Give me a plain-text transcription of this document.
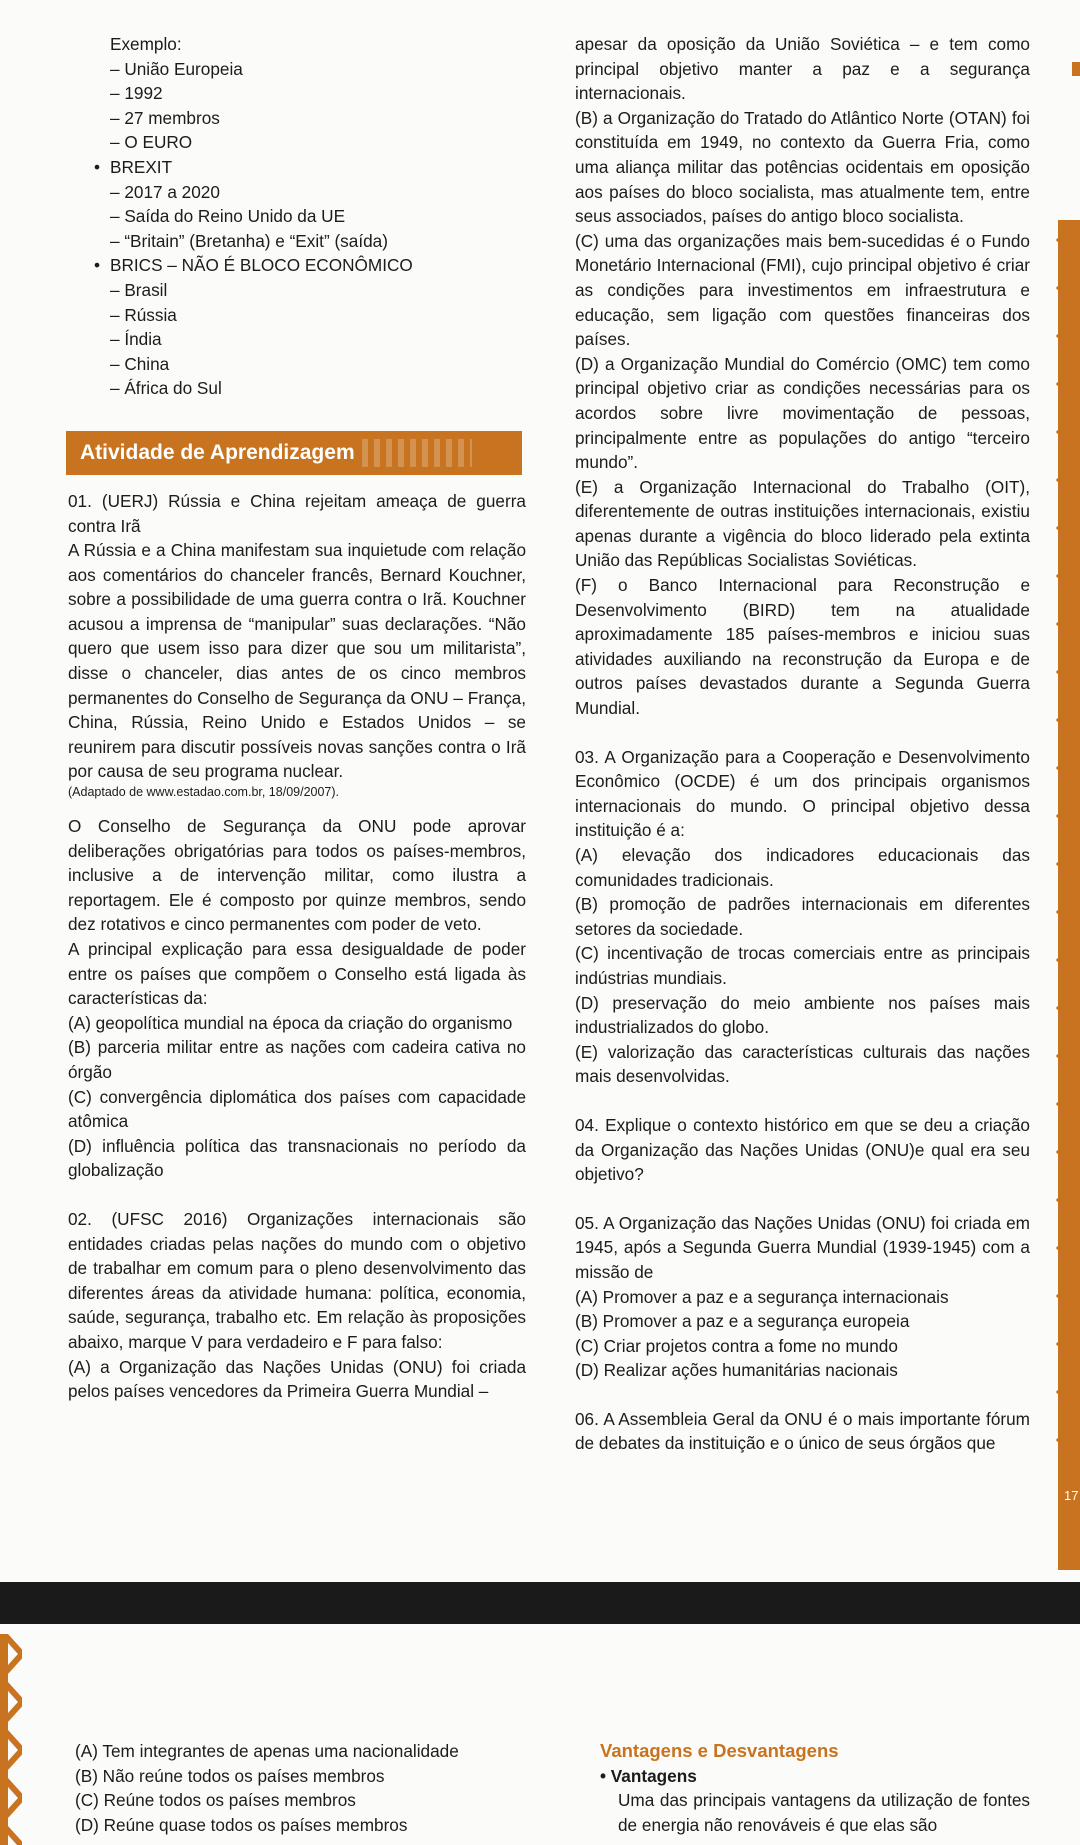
Exemplo:
– União Europeia
– 1992
– 27 membros
– O EURO
• BREXIT
– 2017 a 2020
– Saída do Reino Unido da UE
– “Britain” (Bretanha) e “Exit” (saída)
• BRICS – NÃO É BLOCO ECONÔMICO
– Brasil
– Rússia
– Índia
– China
– África do Sul
Atividade de Aprendizagem

01. (UERJ) Rússia e China rejeitam ameaça de guerra contra Irã

A Rússia e a China manifestam sua inquietude com relação aos comentários do chanceler francês, Bernard Kouchner, sobre a possibilidade de uma guerra contra o Irã. Kouchner acusou a imprensa de “manipular” suas declarações. “Não quero que usem isso para dizer que sou um militarista”, disse o chanceler, dias antes de os cinco membros permanentes do Conselho de Segurança da ONU – França, China, Rússia, Reino Unido e Estados Unidos – se reunirem para discutir possíveis novas sanções contra o Irã por causa de seu programa nuclear.

(Adaptado de www.estadao.com.br, 18/09/2007).

O Conselho de Segurança da ONU pode aprovar deliberações obrigatórias para todos os países-membros, inclusive a de intervenção militar, como ilustra a reportagem. Ele é composto por quinze membros, sendo dez rotativos e cinco permanentes com poder de veto.

A principal explicação para essa desigualdade de poder entre os países que compõem o Conselho está ligada às características da:

(A) geopolítica mundial na época da criação do organismo

(B) parceria militar entre as nações com cadeira cativa no órgão

(C) convergência diplomática dos países com capacidade atômica

(D) influência política das transnacionais no período da globalização

02. (UFSC 2016) Organizações internacionais são entidades criadas pelas nações do mundo com o objetivo de trabalhar em comum para o pleno desenvolvimento das diferentes áreas da atividade humana: política, economia, saúde, segurança, trabalho etc. Em relação às proposições abaixo, marque V para verdadeiro e F para falso:

(A) a Organização das Nações Unidas (ONU) foi criada pelos países vencedores da Primeira Guerra Mundial –

apesar da oposição da União Soviética – e tem como principal objetivo manter a paz e a segurança internacionais.

(B) a Organização do Tratado do Atlântico Norte (OTAN) foi constituída em 1949, no contexto da Guerra Fria, como uma aliança militar das potências ocidentais em oposição aos países do bloco socialista, mas atualmente tem, entre seus associados, países do antigo bloco socialista.

(C) uma das organizações mais bem-sucedidas é o Fundo Monetário Internacional (FMI), cujo principal objetivo é criar as condições para investimentos em infraestrutura e educação, sem ligação com questões financeiras dos países.

(D) a Organização Mundial do Comércio (OMC) tem como principal objetivo criar as condições necessárias para os acordos sobre livre movimentação de pessoas, principalmente entre as populações do antigo “terceiro mundo”.

(E) a Organização Internacional do Trabalho (OIT), diferentemente de outras instituições internacionais, existiu apenas durante a vigência do bloco liderado pela extinta União das Repúblicas Socialistas Soviéticas.

(F) o Banco Internacional para Reconstrução e Desenvolvimento (BIRD) tem na atualidade aproximadamente 185 países-membros e iniciou suas atividades auxiliando na reconstrução da Europa e de outros países devastados durante a Segunda Guerra Mundial.

03. A Organização para a Cooperação e Desenvolvimento Econômico (OCDE) é um dos principais organismos internacionais do mundo. O principal objetivo dessa instituição é a:

(A) elevação dos indicadores educacionais das comunidades tradicionais.

(B) promoção de padrões internacionais em diferentes setores da sociedade.

(C) incentivação de trocas comerciais entre as principais indústrias mundiais.

(D) preservação do meio ambiente nos países mais industrializados do globo.

(E) valorização das características culturais das nações mais desenvolvidas.

04. Explique o contexto histórico em que se deu a criação da Organização das Nações Unidas (ONU)e qual era seu objetivo?

05. A Organização das Nações Unidas (ONU) foi criada em 1945, após a Segunda Guerra Mundial (1939-1945) com a missão de

(A) Promover a paz e a segurança internacionais

(B) Promover a paz e a segurança europeia

(C) Criar projetos contra a fome no mundo

(D) Realizar ações humanitárias nacionais

06. A Assembleia Geral da ONU é o mais importante fórum de debates da instituição e o único de seus órgãos que

17

(A) Tem integrantes de apenas uma nacionalidade

(B) Não reúne todos os países membros

(C) Reúne todos os países membros

(D) Reúne quase todos os países membros

Vantagens e Desvantagens

• Vantagens

Uma das principais vantagens da utilização de fontes de energia não renováveis é que elas são
